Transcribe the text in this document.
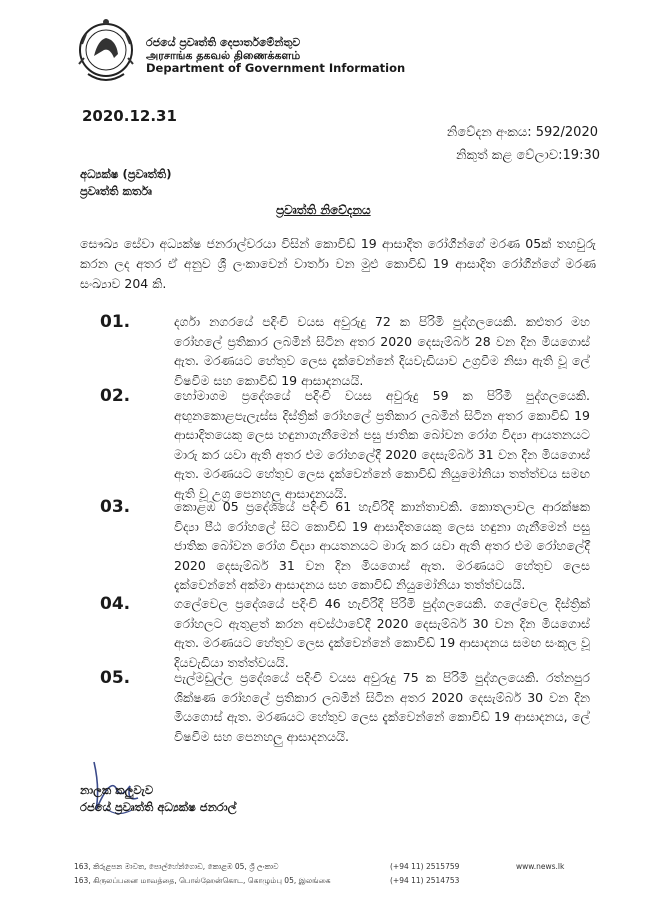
රජයේ ප්‍රවෘත්ති දෙපාර්තමේන්තුව
அரசாங்க தகவல் திணைக்களம்
Department of Government Information
2020.12.31
නිවේදන අංකය: 592/2020
නිකුත් කළ වේලාව:19:30
අධ්‍යක්ෂ (ප්‍රවෘත්ති)
ප්‍රවෘත්ති කර්තෘ
ප්‍රවෘත්ති නිවේදනය
සෞඛ්‍ය සේවා අධ්‍යක්ෂ ජනරාල්වරයා විසින් කොවිඩ් 19 ආසාදිත රෝගීන්ගේ මරණ 05ක් තහවුරු කරන ලද අතර ඒ අනුව ශ්‍රී ලංකාවෙන් වාර්තා වන මුළු කොවිඩ් 19 ආසාදිත රෝගීන්ගේ මරණ සංඛ්‍යාව 204 කි.
01.	දර්ගා නගරයේ පදිංචි වයස අවුරුදු 72 ක පිරිමි පුද්ගලයෙකි. කළුතර මහ රෝහලේ ප්‍රතිකාර ලබමින් සිටින අතර 2020 දෙසැම්බර් 28 වන දින මියගොස් ඇත. මරණයට හේතුව ලෙස දැක්වෙන්නේ දියවැඩියාව උග්‍රවීම නිසා ඇති වූ ලේ විෂවීම සහ කොවිඩ් 19 ආසාදනයයි.
02.	හෝමාගම ප්‍රදේශයේ පදිංචි වයස අවුරුදු 59 ක පිරිමි පුද්ගලයෙකි. අඟුනකොළපැලැස්ස දිස්ත්‍රික් රෝහලේ ප්‍රතිකාර ලබමින් සිටින අතර කොවිඩ් 19 ආසාදිතයෙකු ලෙස හඳුනාගැනීමෙන් පසු ජාතික බෝවන රෝග විද්‍යා ආයතනයට මාරු කර යවා ඇති අතර එම රෝහලේදී 2020 දෙසැම්බර් 31 වන දින මියගොස් ඇත. මරණයට හේතුව ලෙස දැක්වෙන්නේ කොවිඩ් නියුමෝනියා තත්ත්වය සමඟ ඇති වූ උග්‍ර පෙනහලු ආසාදනයයි.
03.	කොළඹ 05 ප්‍රදේශයේ පදිංචි 61 හැවිරිදි කාන්තාවකි. කොතලාවල ආරක්ෂක විද්‍යා පීඨ රෝහලේ සිට කොවිඩ් 19 ආසාදිතයෙකු ලෙස හඳුනා ගැනීමෙන් පසු ජාතික බෝවන රෝග විද්‍යා ආයතනයට මාරු කර යවා ඇති අතර එම රෝහලේදී 2020 දෙසැම්බර් 31 වන දින මියගොස් ඇත. මරණයට හේතුව ලෙස දැක්වෙන්නේ අක්මා ආසාදනය සහ කොවිඩ් නියුමෝනියා තත්ත්වයයි.
04.	ගලේවෙල ප්‍රදේශයේ පදිංචි 46 හැවිරිදි පිරිමි පුද්ගලයෙකි. ගලේවෙල දිස්ත්‍රික් රෝහලට ඇතුළත් කරන අවස්ථාවේදී 2020 දෙසැම්බර් 30 වන දින මියගොස් ඇත. මරණයට හේතුව ලෙස දැක්වෙන්නේ කොවිඩ් 19 ආසාදනය සමඟ සංකූල වූ දියවැඩියා තත්ත්වයයි.
05.	පැල්මඩුල්ල ප්‍රදේශයේ පදිංචි වයස අවුරුදු 75 ක පිරිමි පුද්ගලයෙකි. රත්නපුර ශික්ෂණ රෝහලේ ප්‍රතිකාර ලබමින් සිටින අතර 2020 දෙසැම්බර් 30 වන දින මියගොස් ඇත. මරණයට හේතුව ලෙස දැක්වෙන්නේ කොවිඩ් 19 ආසාදනය, ලේ විෂවීම සහ පෙනහලු ආසාදනයයි.
නාලක කලුවැව
රජයේ ප්‍රවෘත්ති අධ්‍යක්ෂ ජනරාල්
163, කිරුළපන මාවත, පොල්හේන්ගොඩ, කොළඹ 05, ශ්‍රී ලංකාව
163, கிருலப்பனை மாவத்தை, பொல்ஹேன்கொட, கொழும்பு 05, இலங்கை
(+94 11) 2515759
(+94 11) 2514753
www.news.lk
